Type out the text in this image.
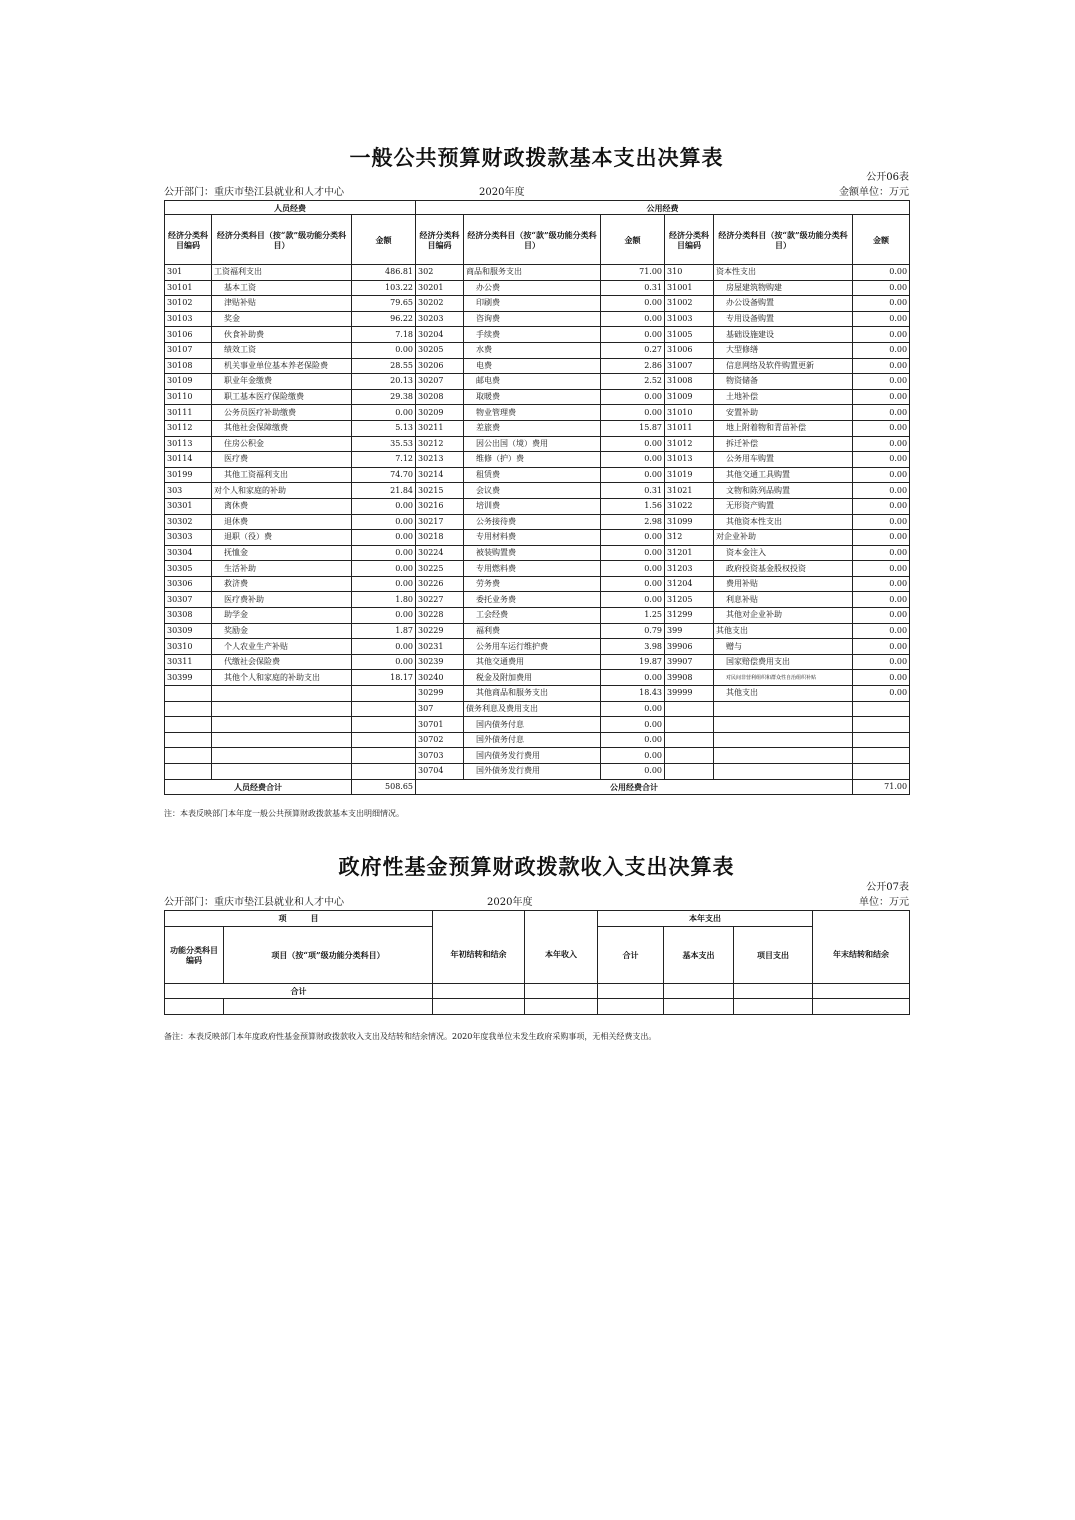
一般公共预算财政拨款基本支出决算表
公开06表
公开部门：重庆市垫江县就业和人才中心	2020年度	金额单位：万元
人员经费			公用经费					
经济分类科目编码	经济分类科目（按“款”级功能分类科目）	金额	经济分类科目编码	经济分类科目（按“款”级功能分类科目）	金额	经济分类科目编码	经济分类科目（按“款”级功能分类科目）	金额
301	工资福利支出	486.81	302	商品和服务支出	71.00	310	资本性支出	0.00
30101	基本工资	103.22	30201	办公费	0.31	31001	房屋建筑物购建	0.00
30102	津贴补贴	79.65	30202	印刷费	0.00	31002	办公设备购置	0.00
30103	奖金	96.22	30203	咨询费	0.00	31003	专用设备购置	0.00
30106	伙食补助费	7.18	30204	手续费	0.00	31005	基础设施建设	0.00
30107	绩效工资	0.00	30205	水费	0.27	31006	大型修缮	0.00
30108	机关事业单位基本养老保险费	28.55	30206	电费	2.86	31007	信息网络及软件购置更新	0.00
30109	职业年金缴费	20.13	30207	邮电费	2.52	31008	物资储备	0.00
30110	职工基本医疗保险缴费	29.38	30208	取暖费	0.00	31009	土地补偿	0.00
30111	公务员医疗补助缴费	0.00	30209	物业管理费	0.00	31010	安置补助	0.00
30112	其他社会保障缴费	5.13	30211	差旅费	15.87	31011	地上附着物和青苗补偿	0.00
30113	住房公积金	35.53	30212	因公出国（境）费用	0.00	31012	拆迁补偿	0.00
30114	医疗费	7.12	30213	维修（护）费	0.00	31013	公务用车购置	0.00
30199	其他工资福利支出	74.70	30214	租赁费	0.00	31019	其他交通工具购置	0.00
303	对个人和家庭的补助	21.84	30215	会议费	0.31	31021	文物和陈列品购置	0.00
30301	离休费	0.00	30216	培训费	1.56	31022	无形资产购置	0.00
30302	退休费	0.00	30217	公务接待费	2.98	31099	其他资本性支出	0.00
30303	退职（役）费	0.00	30218	专用材料费	0.00	312	对企业补助	0.00
30304	抚恤金	0.00	30224	被装购置费	0.00	31201	资本金注入	0.00
30305	生活补助	0.00	30225	专用燃料费	0.00	31203	政府投资基金股权投资	0.00
30306	救济费	0.00	30226	劳务费	0.00	31204	费用补贴	0.00
30307	医疗费补助	1.80	30227	委托业务费	0.00	31205	利息补贴	0.00
30308	助学金	0.00	30228	工会经费	1.25	31299	其他对企业补助	0.00
30309	奖励金	1.87	30229	福利费	0.79	399	其他支出	0.00
30310	个人农业生产补贴	0.00	30231	公务用车运行维护费	3.98	39906	赠与	0.00
30311	代缴社会保险费	0.00	30239	其他交通费用	19.87	39907	国家赔偿费用支出	0.00
30399	其他个人和家庭的补助支出	18.17	30240	税金及附加费用	0.00	39908	对民间非营利组织和群众性自治组织补贴	0.00
			30299	其他商品和服务支出	18.43	39999	其他支出	0.00
			307	债务利息及费用支出	0.00			
			30701	国内债务付息	0.00			
			30702	国外债务付息	0.00			
			30703	国内债务发行费用	0.00			
			30704	国外债务发行费用	0.00			
人员经费合计		508.65	公用经费合计					71.00
注：本表反映部门本年度一般公共预算财政拨款基本支出明细情况。
政府性基金预算财政拨款收入支出决算表
公开07表
公开部门：重庆市垫江县就业和人才中心	2020年度	单位：万元
项　　　目				本年支出			
功能分类科目编码	项目（按“项”级功能分类科目）			合计	基本支出	项目支出	
		年初结转和结余	本年收入				年末结转和结余
合计							

备注：本表反映部门本年度政府性基金预算财政拨款收入支出及结转和结余情况。2020年度我单位未发生政府采购事项，无相关经费支出。
